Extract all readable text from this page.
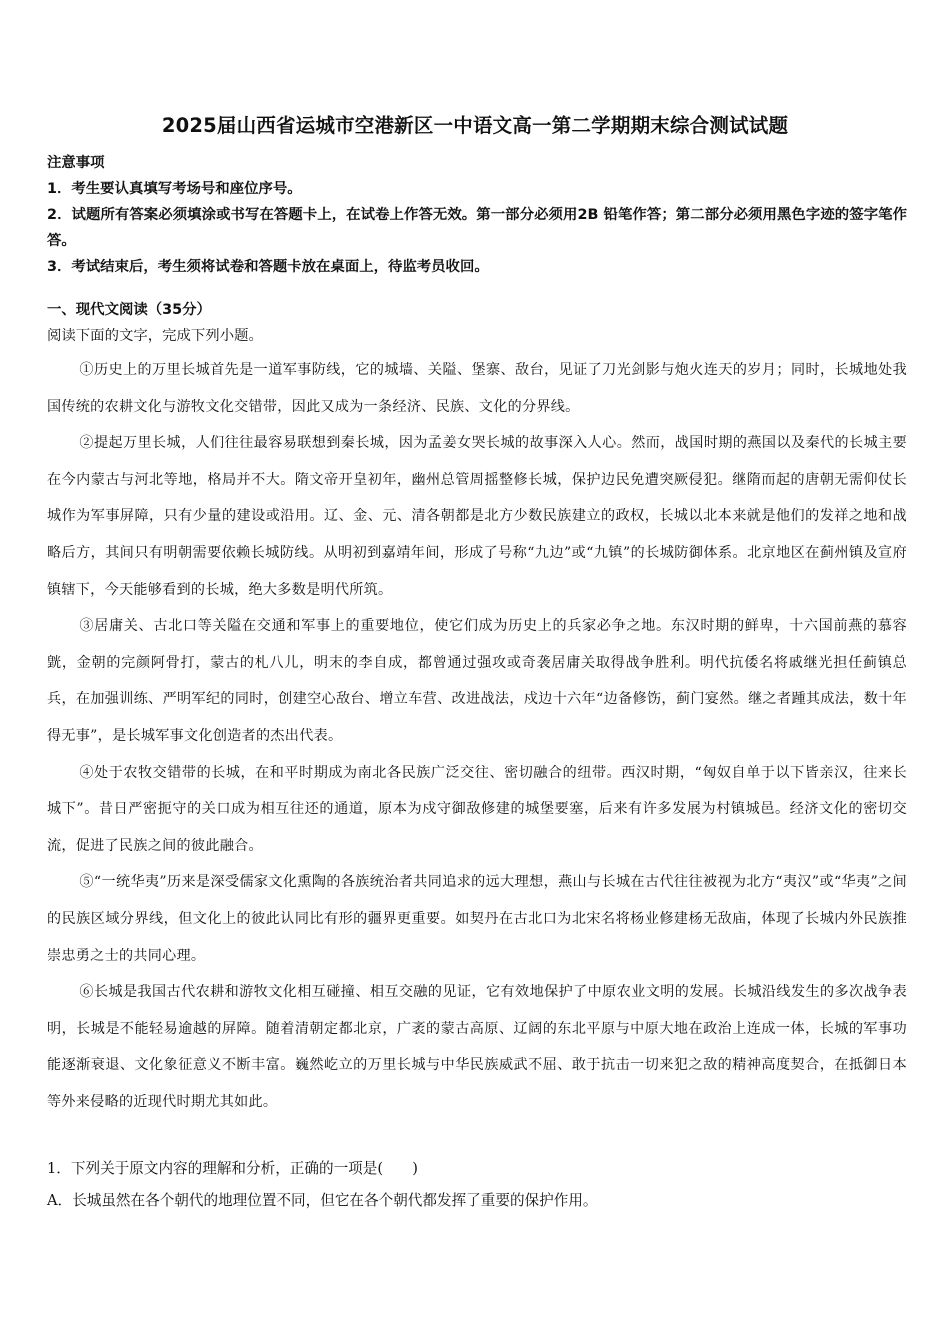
2025届山西省运城市空港新区一中语文高一第二学期期末综合测试试题
注意事项
1．考生要认真填写考场号和座位序号。
2．试题所有答案必须填涂或书写在答题卡上，在试卷上作答无效。第一部分必须用2B 铅笔作答；第二部分必须用黑色字迹的签字笔作答。
3．考试结束后，考生须将试卷和答题卡放在桌面上，待监考员收回。
一、现代文阅读（35分）
阅读下面的文字，完成下列小题。

①历史上的万里长城首先是一道军事防线，它的城墙、关隘、堡寨、敌台，见证了刀光剑影与炮火连天的岁月；同时，长城地处我国传统的农耕文化与游牧文化交错带，因此又成为一条经济、民族、文化的分界线。

②提起万里长城，人们往往最容易联想到秦长城，因为孟姜女哭长城的故事深入人心。然而，战国时期的燕国以及秦代的长城主要在今内蒙古与河北等地，格局并不大。隋文帝开皇初年，幽州总管周摇整修长城，保护边民免遭突厥侵犯。继隋而起的唐朝无需仰仗长城作为军事屏障，只有少量的建设或沿用。辽、金、元、清各朝都是北方少数民族建立的政权，长城以北本来就是他们的发祥之地和战略后方，其间只有明朝需要依赖长城防线。从明初到嘉靖年间，形成了号称“九边”或“九镇”的长城防御体系。北京地区在蓟州镇及宣府镇辖下，今天能够看到的长城，绝大多数是明代所筑。

③居庸关、古北口等关隘在交通和军事上的重要地位，使它们成为历史上的兵家必争之地。东汉时期的鲜卑，十六国前燕的慕容皝，金朝的完颜阿骨打，蒙古的札八儿，明末的李自成，都曾通过强攻或奇袭居庸关取得战争胜利。明代抗倭名将戚继光担任蓟镇总兵，在加强训练、严明军纪的同时，创建空心敌台、增立车营、改进战法，戍边十六年“边备修饬，蓟门宴然。继之者踵其成法，数十年得无事”，是长城军事文化创造者的杰出代表。

④处于农牧交错带的长城，在和平时期成为南北各民族广泛交往、密切融合的纽带。西汉时期，“匈奴自单于以下皆亲汉，往来长城下”。昔日严密扼守的关口成为相互往还的通道，原本为戍守御敌修建的城堡要塞，后来有许多发展为村镇城邑。经济文化的密切交流，促进了民族之间的彼此融合。

⑤“一统华夷”历来是深受儒家文化熏陶的各族统治者共同追求的远大理想，燕山与长城在古代往往被视为北方“夷汉”或“华夷”之间的民族区域分界线，但文化上的彼此认同比有形的疆界更重要。如契丹在古北口为北宋名将杨业修建杨无敌庙，体现了长城内外民族推崇忠勇之士的共同心理。

⑥长城是我国古代农耕和游牧文化相互碰撞、相互交融的见证，它有效地保护了中原农业文明的发展。长城沿线发生的多次战争表明，长城是不能轻易逾越的屏障。随着清朝定都北京，广袤的蒙古高原、辽阔的东北平原与中原大地在政治上连成一体，长城的军事功能逐渐衰退、文化象征意义不断丰富。巍然屹立的万里长城与中华民族威武不屈、敢于抗击一切来犯之敌的精神高度契合，在抵御日本等外来侵略的近现代时期尤其如此。

1．下列关于原文内容的理解和分析，正确的一项是(　　)
A．长城虽然在各个朝代的地理位置不同，但它在各个朝代都发挥了重要的保护作用。
